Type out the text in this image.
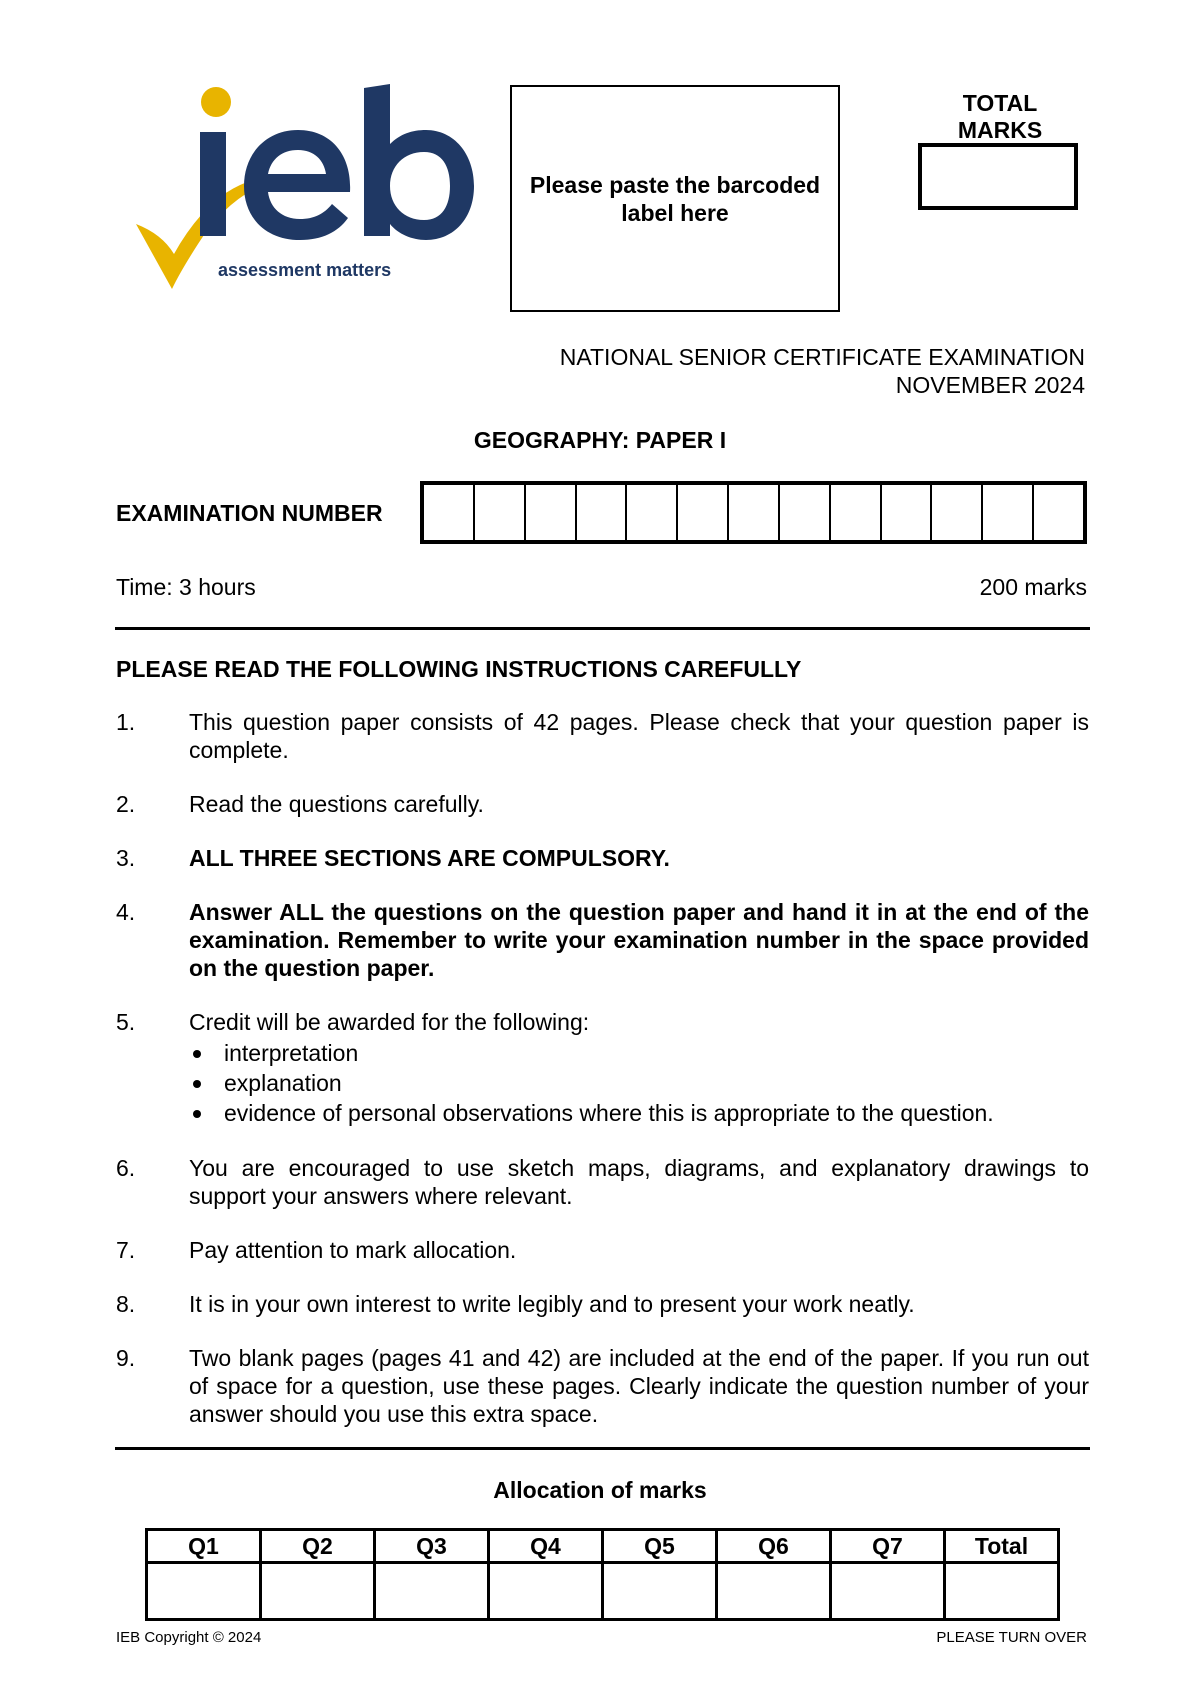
assessment matters
Please paste the barcoded
label here
TOTAL
MARKS
NATIONAL SENIOR CERTIFICATE EXAMINATION
NOVEMBER 2024
GEOGRAPHY: PAPER I
EXAMINATION NUMBER
Time: 3 hours	200 marks
PLEASE READ THE FOLLOWING INSTRUCTIONS CAREFULLY
1.	This question paper consists of 42 pages. Please check that your question paper is complete.
2.	Read the questions carefully.
3.	ALL THREE SECTIONS ARE COMPULSORY.
4.	Answer ALL the questions on the question paper and hand it in at the end of the examination. Remember to write your examination number in the space provided on the question paper.
5.	Credit will be awarded for the following:
interpretation
explanation
evidence of personal observations where this is appropriate to the question.
6.	You are encouraged to use sketch maps, diagrams, and explanatory drawings to support your answers where relevant.
7.	Pay attention to mark allocation.
8.	It is in your own interest to write legibly and to present your work neatly.
9.	Two blank pages (pages 41 and 42) are included at the end of the paper. If you run out of space for a question, use these pages. Clearly indicate the question number of your answer should you use this extra space.
Allocation of marks
Q1	Q2	Q3	Q4	Q5	Q6	Q7	Total

IEB Copyright © 2024	PLEASE TURN OVER
